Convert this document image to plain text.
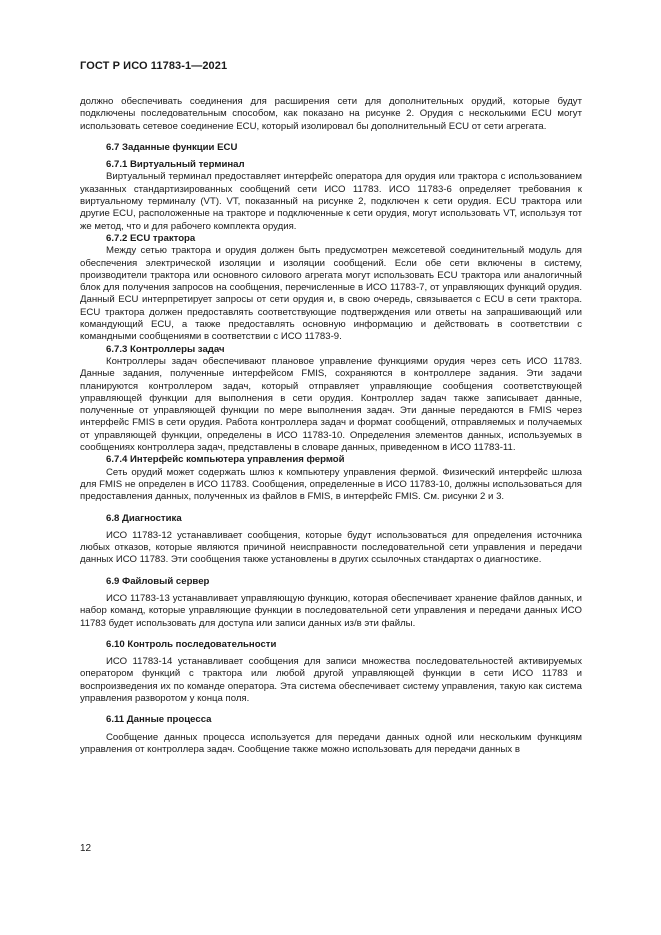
ГОСТ Р ИСО 11783-1—2021

должно обеспечивать соединения для расширения сети для дополнительных орудий, которые будут подключены последовательным способом, как показано на рисунке 2. Орудия с несколькими ECU могут использовать сетевое соединение ECU, который изолировал бы дополнительный ECU от сети агрегата.

6.7 Заданные функции ECU
6.7.1 Виртуальный терминал

Виртуальный терминал предоставляет интерфейс оператора для орудия или трактора с использованием указанных стандартизированных сообщений сети ИСО 11783. ИСО 11783-6 определяет требования к виртуальному терминалу (VT). VT, показанный на рисунке 2, подключен к сети орудия. ECU трактора или другие ECU, расположенные на тракторе и подключенные к сети орудия, могут использовать VT, используя тот же метод, что и для рабочего комплекта орудия.

6.7.2 ECU трактора

Между сетью трактора и орудия должен быть предусмотрен межсетевой соединительный модуль для обеспечения электрической изоляции и изоляции сообщений. Если обе сети включены в систему, производители трактора или основного силового агрегата могут использовать ECU трактора или аналогичный блок для получения запросов на сообщения, перечисленные в ИСО 11783-7, от управляющих функций орудия. Данный ECU интерпретирует запросы от сети орудия и, в свою очередь, связывается с ECU в сети трактора. ECU трактора должен предоставлять соответствующие подтверждения или ответы на запрашивающий или командующий ECU, а также предоставлять основную информацию и действовать в соответствии с командными сообщениями в соответствии с ИСО 11783-9.

6.7.3 Контроллеры задач

Контроллеры задач обеспечивают плановое управление функциями орудия через сеть ИСО 11783. Данные задания, полученные интерфейсом FMIS, сохраняются в контроллере задания. Эти задачи планируются контроллером задач, который отправляет управляющие сообщения соответствующей управляющей функции для выполнения в сети орудия. Контроллер задач также записывает данные, полученные от управляющей функции по мере выполнения задач. Эти данные передаются в FMIS через интерфейс FMIS в сети орудия. Работа контроллера задач и формат сообщений, отправляемых и получаемых от управляющей функции, определены в ИСО 11783-10. Определения элементов данных, используемых в сообщениях контроллера задач, представлены в словаре данных, приведенном в ИСО 11783-11.

6.7.4 Интерфейс компьютера управления фермой

Сеть орудий может содержать шлюз к компьютеру управления фермой. Физический интерфейс шлюза для FMIS не определен в ИСО 11783. Сообщения, определенные в ИСО 11783-10, должны использоваться для предоставления данных, полученных из файлов в FMIS, в интерфейс FMIS. См. рисунки 2 и 3.

6.8 Диагностика

ИСО 11783-12 устанавливает сообщения, которые будут использоваться для определения источника любых отказов, которые являются причиной неисправности последовательной сети управления и передачи данных ИСО 11783. Эти сообщения также установлены в других ссылочных стандартах о диагностике.

6.9 Файловый сервер

ИСО 11783-13 устанавливает управляющую функцию, которая обеспечивает хранение файлов данных, и набор команд, которые управляющие функции в последовательной сети управления и передачи данных ИСО 11783 будет использовать для доступа или записи данных из/в эти файлы.

6.10 Контроль последовательности

ИСО 11783-14 устанавливает сообщения для записи множества последовательностей активируемых оператором функций с трактора или любой другой управляющей функции в сети ИСО 11783 и воспроизведения их по команде оператора. Эта система обеспечивает систему управления, такую как система управления разворотом у конца поля.

6.11 Данные процесса

Сообщение данных процесса используется для передачи данных одной или нескольким функциям управления от контроллера задач. Сообщение также можно использовать для передачи данных в

12
